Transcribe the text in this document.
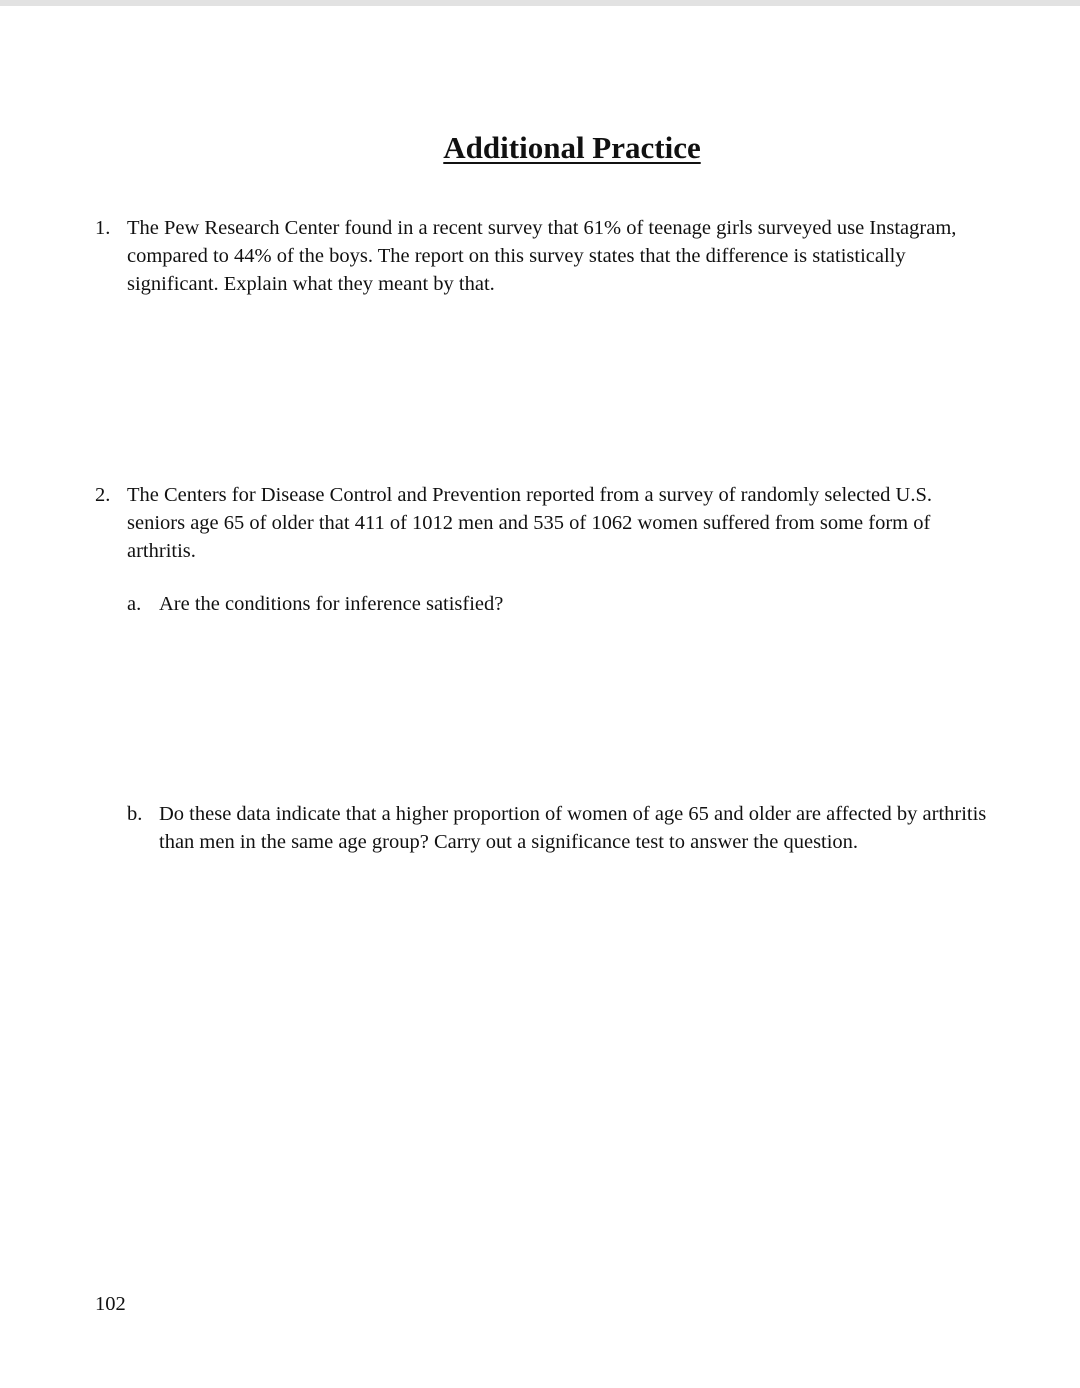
Additional Practice
1. The Pew Research Center found in a recent survey that 61% of teenage girls surveyed use Instagram, compared to 44% of the boys. The report on this survey states that the difference is statistically significant. Explain what they meant by that.
2. The Centers for Disease Control and Prevention reported from a survey of randomly selected U.S. seniors age 65 of older that 411 of 1012 men and 535 of 1062 women suffered from some form of arthritis.
a. Are the conditions for inference satisfied?
b. Do these data indicate that a higher proportion of women of age 65 and older are affected by arthritis than men in the same age group? Carry out a significance test to answer the question.
102
